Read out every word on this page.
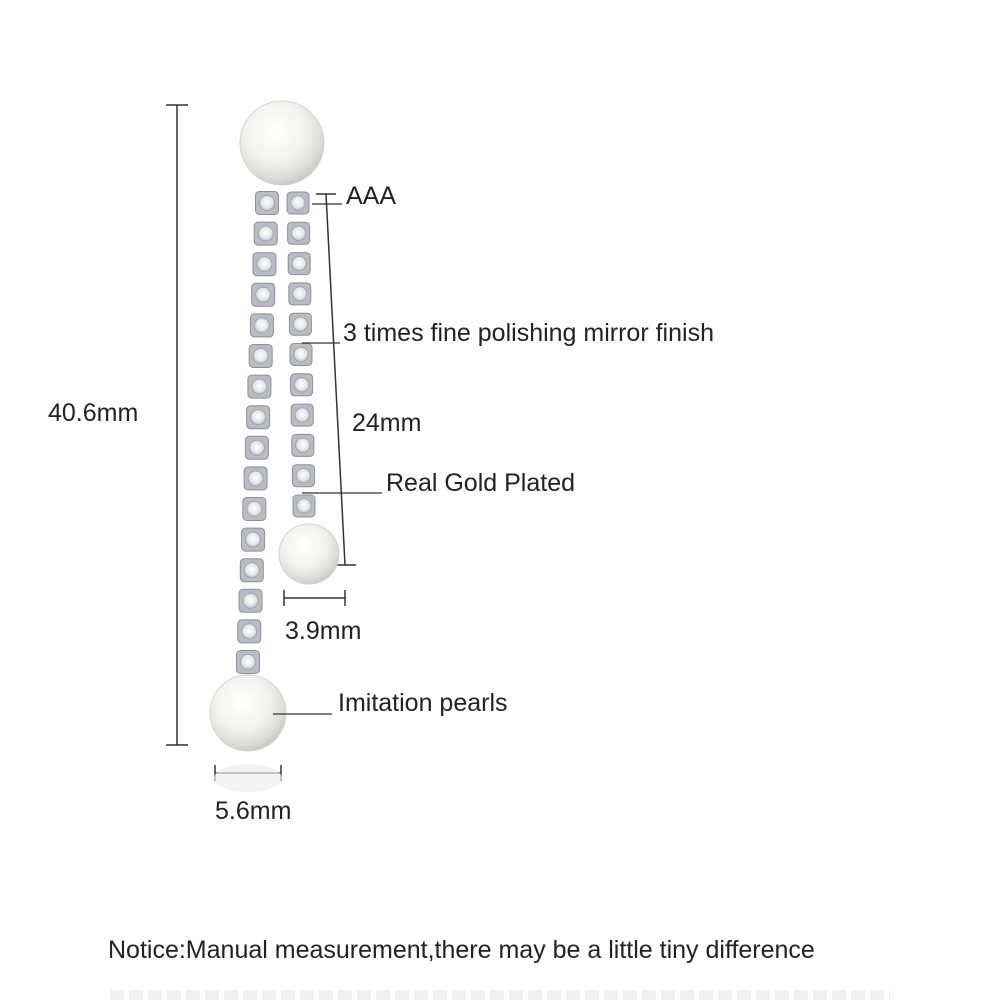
40.6mm	24mm
3.9mm
5.6mm
AAA
3 times fine polishing mirror finish
Real Gold Plated
Imitation pearls
Notice:Manual measurement,there may be a little tiny difference
